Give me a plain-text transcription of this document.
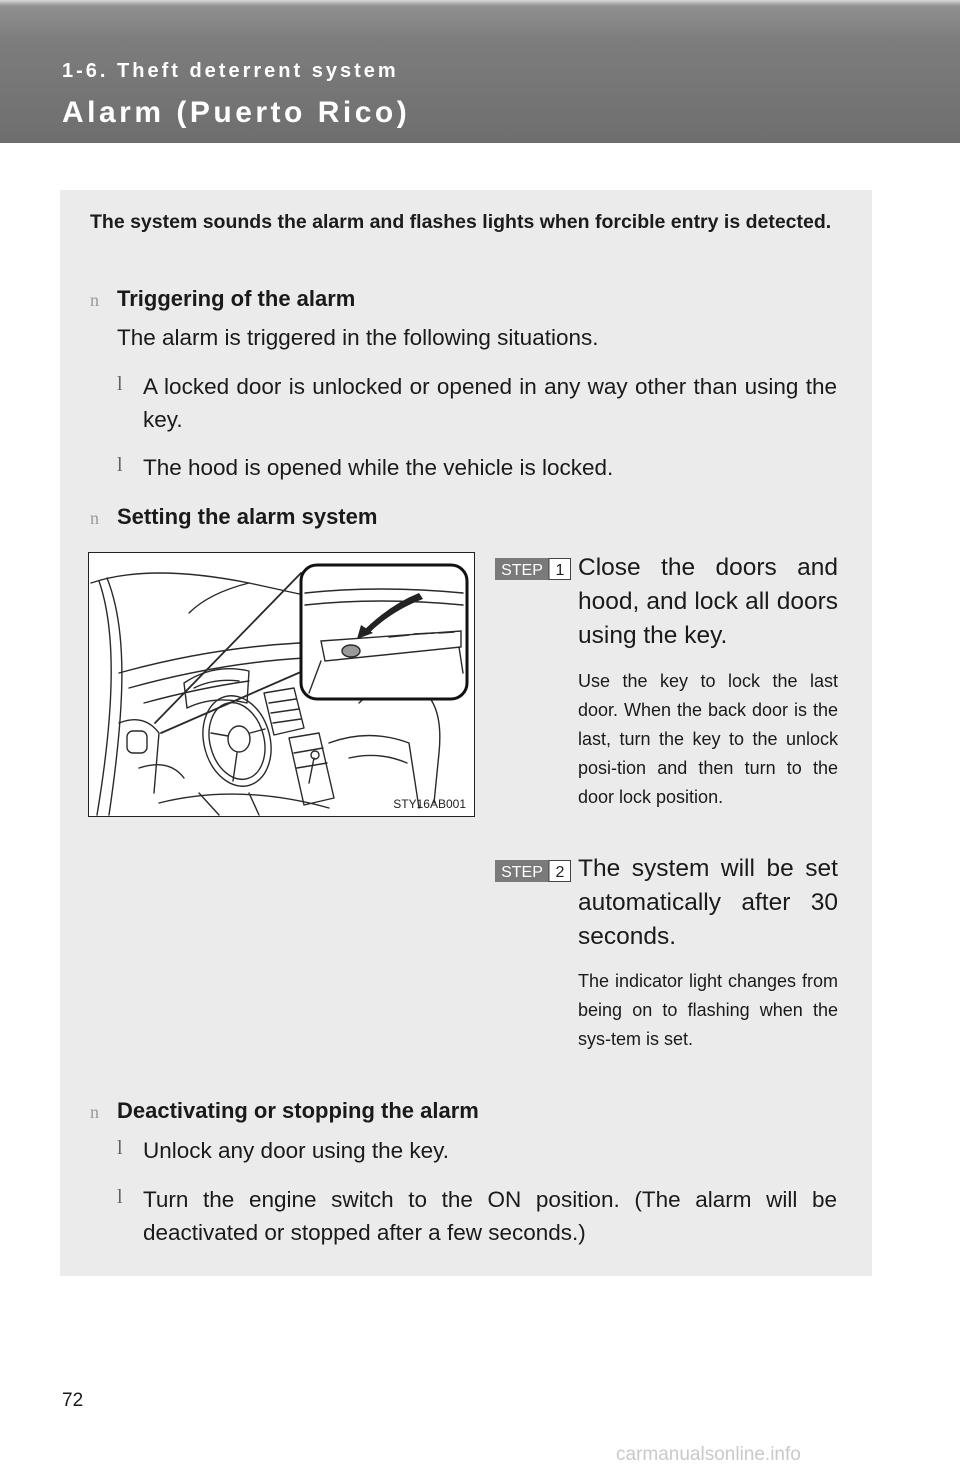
1-6. Theft deterrent system
Alarm (Puerto Rico)
The system sounds the alarm and flashes lights when forcible entry is detected.
n Triggering of the alarm
The alarm is triggered in the following situations.
l A locked door is unlocked or opened in any way other than using the key.
l The hood is opened while the vehicle is locked.
n Setting the alarm system
STY16AB001
STEP 1 Close the doors and hood, and lock all doors using the key.
Use the key to lock the last door. When the back door is the last, turn the key to the unlock posi-tion and then turn to the door lock position.
STEP 2 The system will be set automatically after 30 seconds.
The indicator light changes from being on to flashing when the sys-tem is set.
n Deactivating or stopping the alarm
l Unlock any door using the key.
l Turn the engine switch to the ON position. (The alarm will be deactivated or stopped after a few seconds.)
72
carmanualsonline.info
